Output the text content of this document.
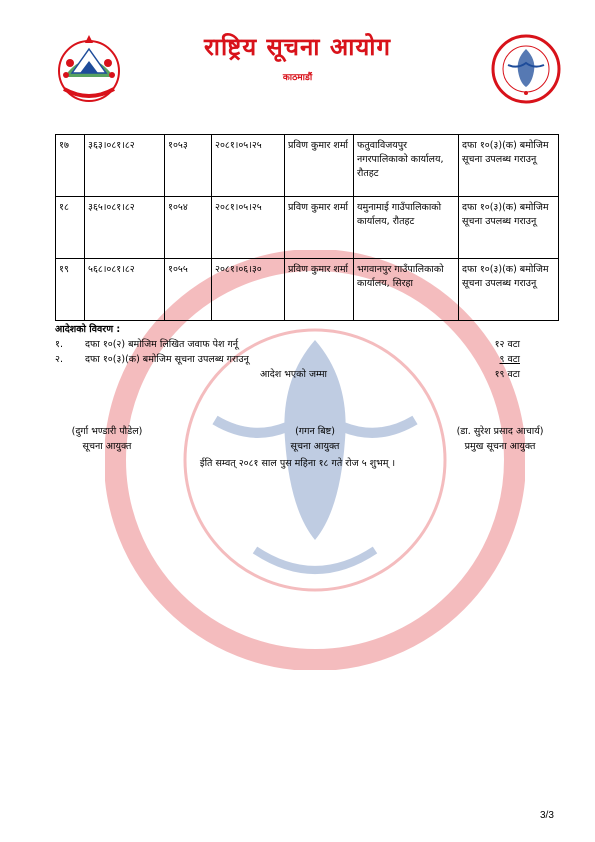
राष्ट्रिय सूचना आयोग
काठमाडौं
१७	३६३।०८१।८२	१०५३	२०८१।०५।२५	प्रविण कुमार शर्मा	फतुवाविजयपुर नगरपालिकाको कार्यालय, रौतहट	दफा १०(३)(क) बमोजिम सूचना उपलब्ध गराउनू
१८	३६५।०८१।८२	१०५४	२०८१।०५।२५	प्रविण कुमार शर्मा	यमुनामाई गाउँपालिकाको कार्यालय, रौतहट	दफा १०(३)(क) बमोजिम सूचना उपलब्ध गराउनू
१९	५६८।०८१।८२	१०५५	२०८१।०६।३०	प्रविण कुमार शर्मा	भगवानपुर गाउँपालिकाको कार्यालय, सिरहा	दफा १०(३)(क) बमोजिम सूचना उपलब्ध गराउनू
आदेशको विवरण :
१. दफा १०(२) बमोजिम लिखित जवाफ पेश गर्नू	१२ वटा
२. दफा १०(३)(क) बमोजिम सूचना उपलब्ध गराउनू	९ वटा
आदेश भएको जम्मा	१९ वटा
(दुर्गा भण्डारी पौडेल)
सूचना आयुक्त
(गगन बिष्ट)
सूचना आयुक्त
(डा. सुरेश प्रसाद आचार्य)
प्रमुख सूचना आयुक्त
ईति सम्वत् २०८१ साल पुस महिना १८ गते रोज ५ शुभम् ।
3/3
